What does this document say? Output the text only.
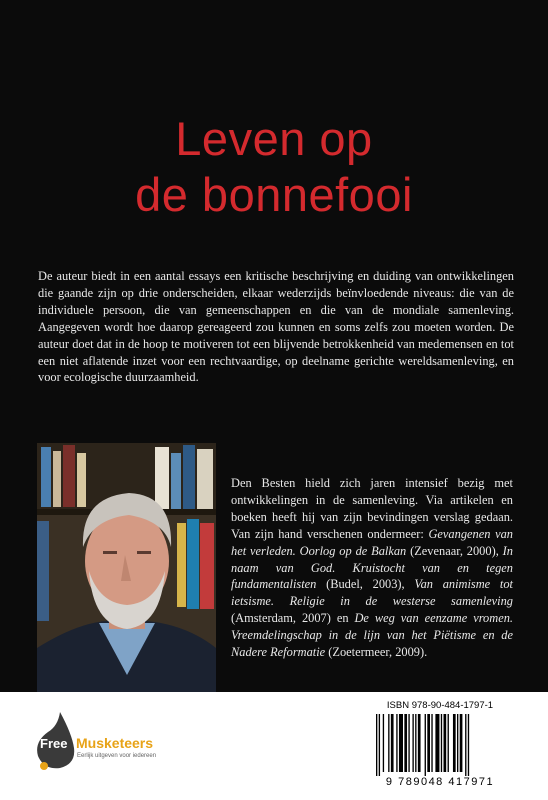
Leven op
de bonnefooi

De auteur biedt in een aantal essays een kritische beschrijving en duiding van ontwikkelingen die gaande zijn op drie onderscheiden, elkaar wederzijds beïnvloedende niveaus: die van de individuele persoon, die van gemeenschappen en die van de mondiale samenleving. Aangegeven wordt hoe daarop gereageerd zou kunnen en soms zelfs zou moeten worden. De auteur doet dat in de hoop te motiveren tot een blijvende betrokkenheid van medemensen en tot een niet aflatende inzet voor een rechtvaardige, op deelname gerichte wereldsamenleving, en voor ecologische duurzaamheid.

Den Besten hield zich jaren intensief bezig met ontwikkelingen in de samenleving. Via artikelen en boeken heeft hij van zijn bevindingen verslag gedaan. Van zijn hand verschenen ondermeer: Gevangenen van het verleden. Oorlog op de Balkan (Zevenaar, 2000), In naam van God. Kruistocht van en tegen fundamentalisten (Budel, 2003), Van animisme tot ietsisme. Religie in de westerse samenleving (Amsterdam, 2007) en De weg van eenzame vromen. Vreemdelingschap in de lijn van het Piëtisme en de Nadere Reformatie (Zoetermeer, 2009).

Free Musketeers
Eerlijk uitgeven voor iedereen
ISBN 978-90-484-1797-1
9 789048 417971
